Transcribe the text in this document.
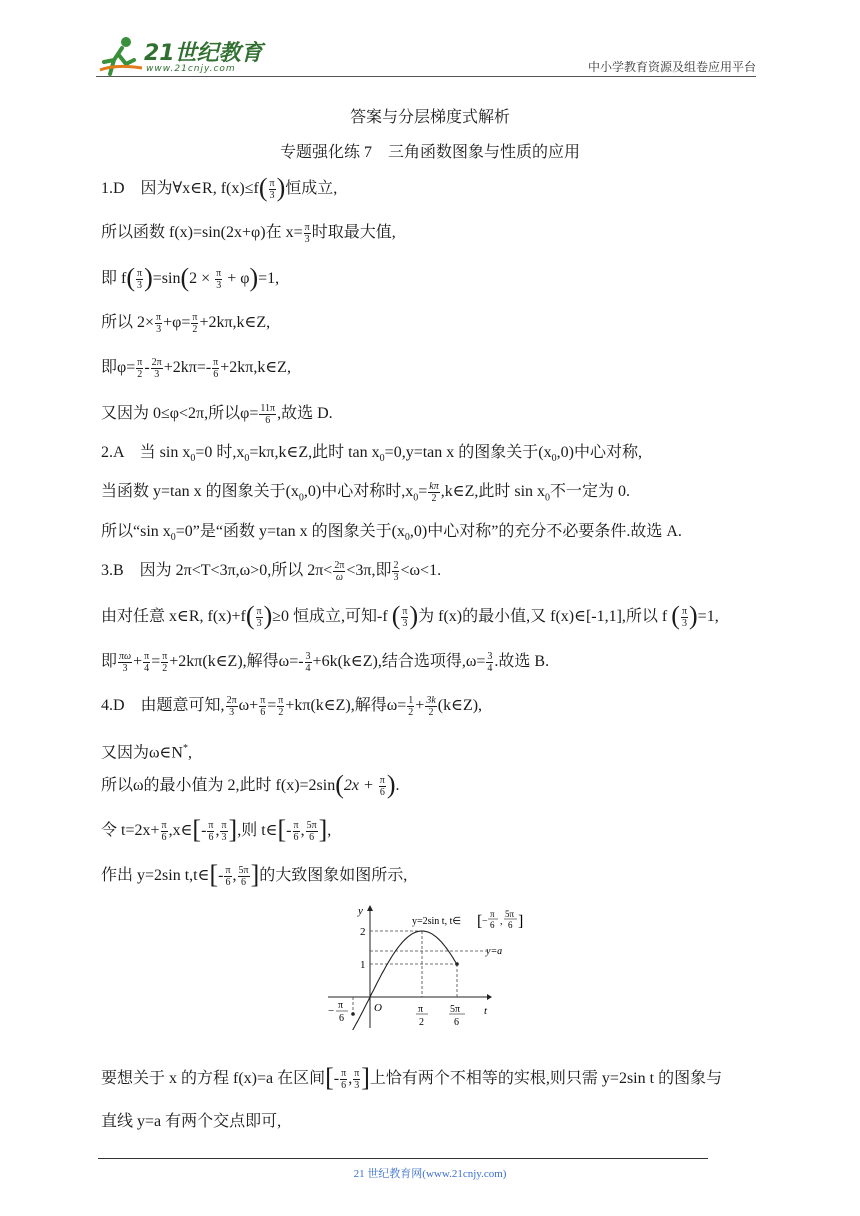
21世纪教育
www.21cnjy.com	中小学教育资源及组卷应用平台
答案与分层梯度式解析
专题强化练 7　三角函数图象与性质的应用
1.D　因为∀x∈R, $f(x)\le f( \frac{\pi}{3}$ )恒成立,
所以函数 f(x)=sin(2x+φ)在 $x= \frac{\pi}{3}$ 时取最大值,
即 $f( \frac{\pi}{3} )=\sin(2 \times \frac{\pi}{3} + \varphi)=1$,
所以 $2\times \frac{\pi}{3} +\varphi= \frac{\pi}{2}$ +2kπ,k∈Z,
即$\varphi= \frac{\pi}{2} - \frac{2\pi}{3} +2k\pi=- \frac{\pi}{6}$ +2kπ,k∈Z,
又因为 0≤φ<2π,所以$\varphi= \frac{11\pi}{6}$ ,故选 D.
2.A　当 $\sin x_0=0$ 时$,x_0=k\pi,k\in Z$,此时 $\tan x_0=0,y=\tan$ x 的图象关于$(x_0,0)$中心对称,
当函数 y=tan x 的图象关于$(x_0,0)$中心对称时$,x_0= \frac{k\pi}{2}$ ,k∈Z,此时 $\sin x_0$不一定为 0.
所以“sin $x_0=0$”是“函数 y=tan x 的图象关于$(x_0,0)$中心对称”的充分不必要条件.故选 A.
3.B　因为 2π<T<3π,ω>0,所以 $2\pi< \frac{2\pi}{\omega} <3\pi$,即 $\frac{2}{3} <\omega<1$.
由对任意 x∈R, $f(x)+f( \frac{\pi}{3} )\ge 0$ 恒成立,可知-f ( $\frac{\pi}{3}$ )为 f(x)的最小值,又 f(x)∈[-1,1],所以 f ( $\frac{\pi}{3} )=1$,
即 $\frac{\pi\omega}{3} + \frac{\pi}{4} = \frac{\pi}{2}$ +2kπ(k∈Z),解得$\omega=- \frac{3}{4}$ +6k(k∈Z),结合选项得$,\omega= \frac{3}{4}$ .故选 B.
4.D　由题意可知, $\frac{2\pi}{3} \omega+ \frac{\pi}{6} = \frac{\pi}{2}$ +kπ(k∈Z),解得$\omega= \frac{1}{2} + \frac{3k}{2}$ (k∈Z),
又因为ω∈N*,
所以ω的最小值为 2,此时 $f(x)=2\sin(2x + \frac{\pi}{6}$ ).
令 $t=2x+ \frac{\pi}{6}$ ,x∈[- $\frac{\pi}{6}$ , $\frac{\pi}{3}$ ],则 t∈[- $\frac{\pi}{6}$ , $\frac{5\pi}{6}$ ],
作出 y=2sin t,t∈[- $\frac{\pi}{6}$ , $\frac{5\pi}{6}$ ]的大致图象如图所示,
y
t
O
2
1
y=a
y=2sin t, t∈ [ −
π
6 ,
5π
6 ]
− π
6
π
2
5π
6
要想关于 x 的方程 f(x)=a 在区间[- $\frac{\pi}{6}$ , $\frac{\pi}{3}$ ]上恰有两个不相等的实根,则只需 y=2sin t 的图象与
直线 y=a 有两个交点即可,
21 世纪教育网(www.21cnjy.com)
